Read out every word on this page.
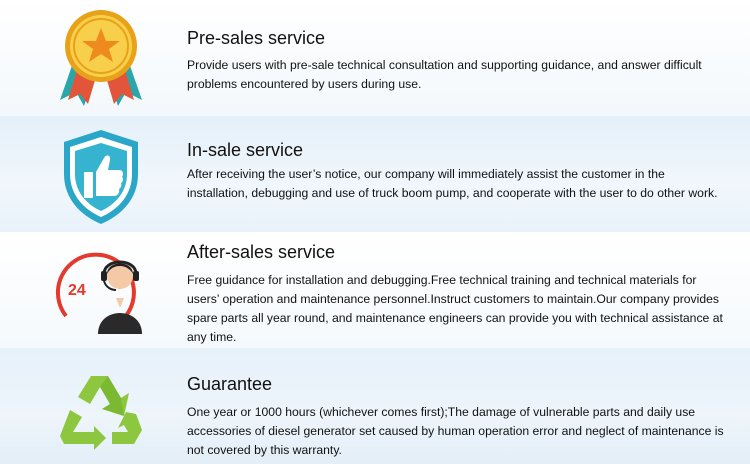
Pre-sales service
Provide users with pre-sale technical consultation and supporting guidance, and answer difficult problems encountered by users during use.
In-sale service
After receiving the user’s notice, our company will immediately assist the customer in the installation, debugging and use of truck boom pump, and cooperate with the user to do other work.
24
After-sales service
Free guidance for installation and debugging.Free technical training and technical materials for users’ operation and maintenance personnel.Instruct customers to maintain.Our company provides spare parts all year round, and maintenance engineers can provide you with technical assistance at any time.
Guarantee
One year or 1000 hours (whichever comes first);The damage of vulnerable parts and daily use accessories of diesel generator set caused by human operation error and neglect of maintenance is not covered by this warranty.
